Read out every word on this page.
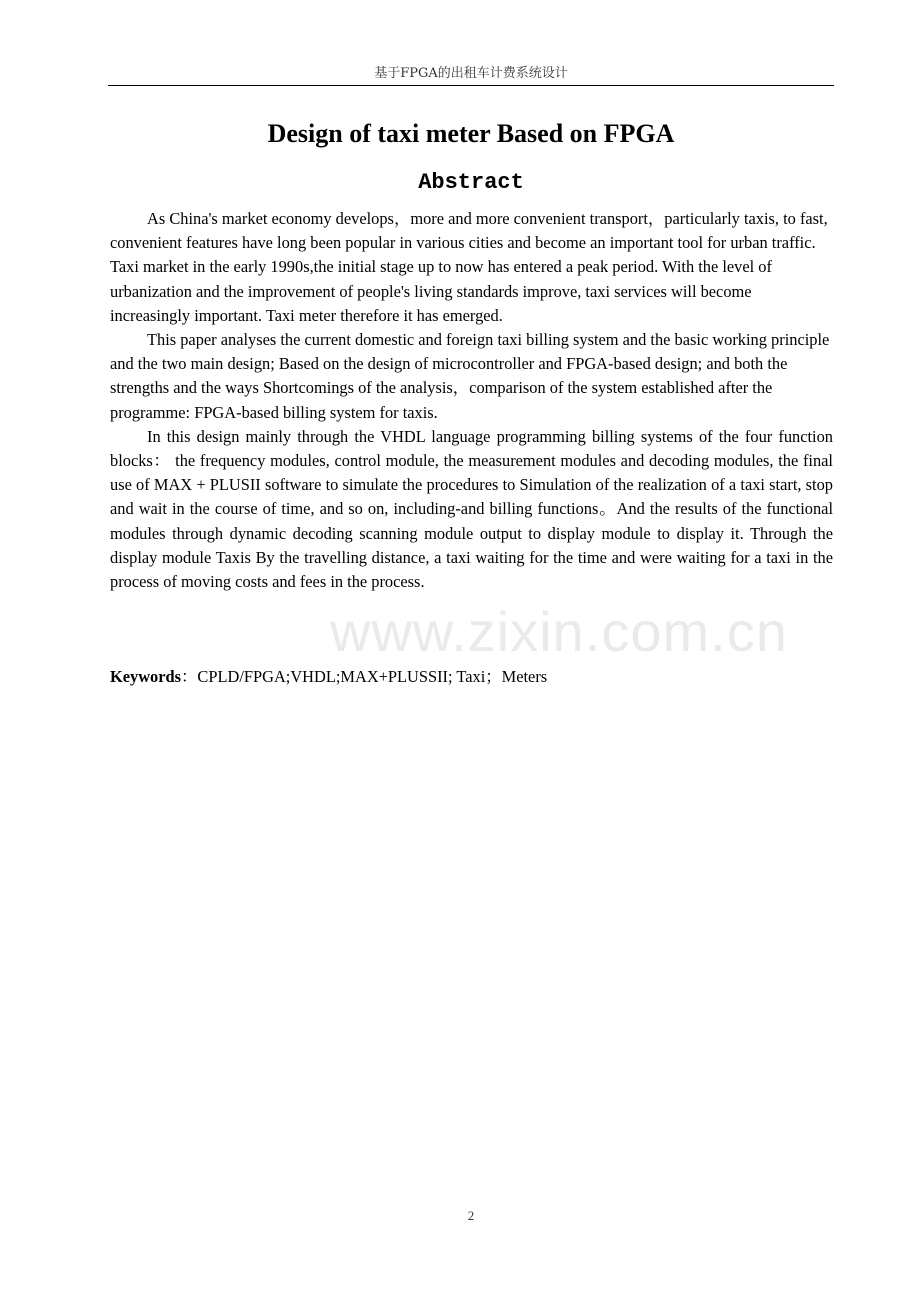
基于FPGA的出租车计费系统设计
Design of taxi meter Based on FPGA
Abstract

As China's market economy develops，more and more convenient transport，particularly taxis, to fast, convenient features have long been popular in various cities and become an important tool for urban traffic. Taxi market in the early 1990s,the initial stage up to now has entered a peak period. With the level of urbanization and the improvement of people's living standards improve, taxi services will become increasingly important. Taxi meter therefore it has emerged.

This paper analyses the current domestic and foreign taxi billing system and the basic working principle and the two main design; Based on the design of microcontroller and FPGA-based design; and both the strengths and the ways Shortcomings of the analysis，comparison of the system established after the programme: FPGA-based billing system for taxis.

In this design mainly through the VHDL language programming billing systems of the four function blocks： the frequency modules, control module, the measurement modules and decoding modules, the final use of MAX + PLUSII software to simulate the procedures to Simulation of the realization of a taxi start, stop and wait in the course of time, and so on, including-and billing functions。And the results of the functional modules through dynamic decoding scanning module output to display module to display it. Through the display module Taxis By the travelling distance, a taxi waiting for the time and were waiting for a taxi in the process of moving costs and fees in the process.

www.zixin.com.cn

Keywords：CPLD/FPGA;VHDL;MAX+PLUSSII; Taxi；Meters

2
